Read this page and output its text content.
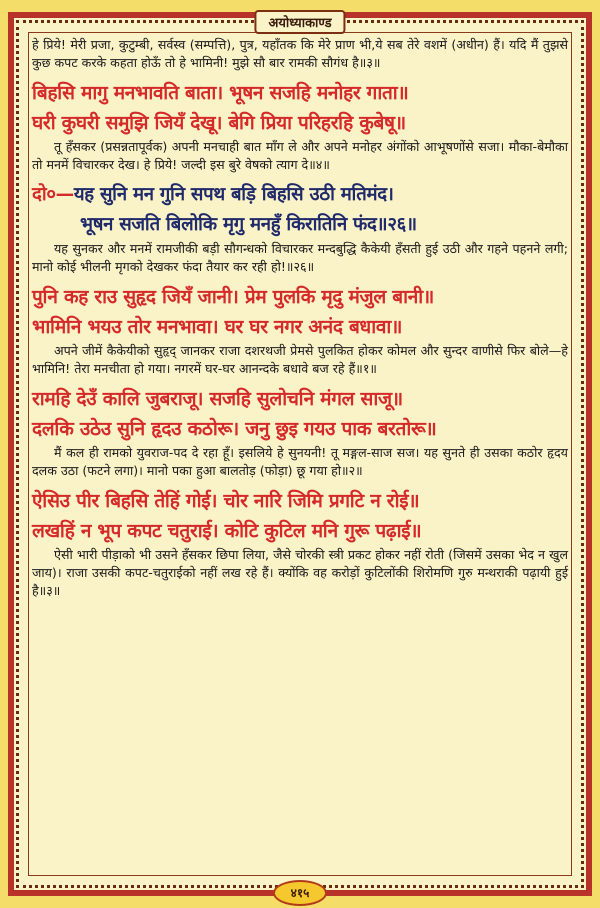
अयोध्याकाण्ड

हे प्रिये! मेरी प्रजा, कुटुम्बी, सर्वस्व (सम्पत्ति), पुत्र, यहाँतक कि मेरे प्राण भी,ये सब तेरे वशमें (अधीन) हैं। यदि मैं तुझसे कुछ कपट करके कहता होऊँ तो हे भामिनी! मुझे सौ बार रामकी सौगंध है॥३॥

बिहसि मागु मनभावति बाता। भूषन सजहि मनोहर गाता॥

घरी कुघरी समुझि जियँ देखू। बेगि प्रिया परिहरहि कुबेषू॥

तू हँसकर (प्रसन्नतापूर्वक) अपनी मनचाही बात माँग ले और अपने मनोहर अंगोंको आभूषणोंसे सजा। मौका-बेमौका तो मनमें विचारकर देख। हे प्रिये! जल्दी इस बुरे वेषको त्याग दे॥४॥

दो०—यह सुनि मन गुनि सपथ बड़ि बिहसि उठी मतिमंद।

भूषन सजति बिलोकि मृगु मनहुँ किरातिनि फंद॥२६॥

यह सुनकर और मनमें रामजीकी बड़ी सौगन्धको विचारकर मन्दबुद्धि कैकेयी हँसती हुई उठी और गहने पहनने लगी; मानो कोई भीलनी मृगको देखकर फंदा तैयार कर रही हो!॥२६॥

पुनि कह राउ सुहृद जियँ जानी। प्रेम पुलकि मृदु मंजुल बानी॥

भामिनि भयउ तोर मनभावा। घर घर नगर अनंद बधावा॥

अपने जीमें कैकेयीको सुहृद् जानकर राजा दशरथजी प्रेमसे पुलकित होकर कोमल और सुन्दर वाणीसे फिर बोले—हे भामिनि! तेरा मनचीता हो गया। नगरमें घर-घर आनन्दके बधावे बज रहे हैं॥१॥

रामहि देउँ कालि जुबराजू। सजहि सुलोचनि मंगल साजू॥

दलकि उठेउ सुनि हृदउ कठोरू। जनु छुइ गयउ पाक बरतोरू॥

मैं कल ही रामको युवराज-पद दे रहा हूँ। इसलिये हे सुनयनी! तू मङ्गल-साज सज। यह सुनते ही उसका कठोर हृदय दलक उठा (फटने लगा)। मानो पका हुआ बालतोड़ (फोड़ा) छू गया हो॥२॥

ऐसिउ पीर बिहसि तेहिं गोई। चोर नारि जिमि प्रगटि न रोई॥

लखहिं न भूप कपट चतुराई। कोटि कुटिल मनि गुरू पढ़ाई॥

ऐसी भारी पीड़ाको भी उसने हँसकर छिपा लिया, जैसे चोरकी स्त्री प्रकट होकर नहीं रोती (जिसमें उसका भेद न खुल जाय)। राजा उसकी कपट-चतुराईको नहीं लख रहे हैं। क्योंकि वह करोड़ों कुटिलोंकी शिरोमणि गुरु मन्थराकी पढ़ायी हुई है॥३॥

४१५
